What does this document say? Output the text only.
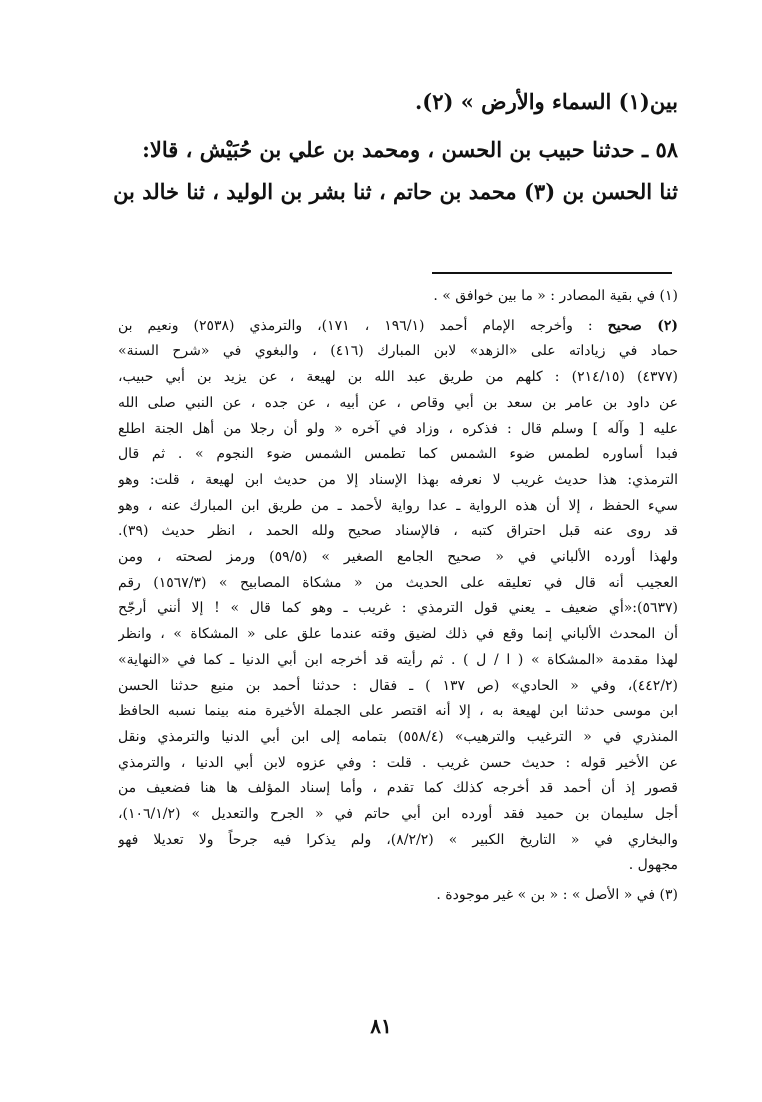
بين(١) السماء والأرض » (٢).
٥٨ ـ حدثنا حبيب بن الحسن ، ومحمد بن علي بن حُبَيْش ، قالا:
ثنا الحسن بن (٣) محمد بن حاتم ، ثنا بشر بن الوليد ، ثنا خالد بن
(١) في بقية المصادر : « ما بين خوافق » .
(٢) صحيح : وأخرجه الإمام أحمد (١٩٦/١ ، ١٧١)، والترمذي (٢٥٣٨) ونعيم بن
حماد في زياداته على «الزهد» لابن المبارك (٤١٦) ، والبغوي في «شرح السنة»
(٤٣٧٧) (٢١٤/١٥) : كلهم من طريق عبد الله بن لهيعة ، عن يزيد بن أبي حبيب،
عن داود بن عامر بن سعد بن أبي وقاص ، عن أبيه ، عن جده ، عن النبي صلى الله
عليه [ وآله ] وسلم قال : فذكره ، وزاد في آخره « ولو أن رجلا من أهل الجنة اطلع
فبدا أساوره لطمس ضوء الشمس كما تطمس الشمس ضوء النجوم » . ثم قال
الترمذي: هذا حديث غريب لا نعرفه بهذا الإسناد إلا من حديث ابن لهيعة ، قلت: وهو
سيء الحفظ ، إلا أن هذه الرواية ـ عدا رواية لأحمد ـ من طريق ابن المبارك عنه ، وهو
قد روى عنه قبل احتراق كتبه ، فالإسناد صحيح ولله الحمد ، انظر حديث (٣٩).
ولهذا أورده الألباني في « صحيح الجامع الصغير » (٥٩/٥) ورمز لصحته ، ومن
العجيب أنه قال في تعليقه على الحديث من « مشكاة المصابيح » (١٥٦٧/٣) رقم
(٥٦٣٧):«أي ضعيف ـ يعني قول الترمذي : غريب ـ وهو كما قال » ! إلا أنني أرجّح
أن المحدث الألباني إنما وقع في ذلك لضيق وقته عندما علق على « المشكاة » ، وانظر
لهذا مقدمة «المشكاة » ( ا / ل ) . ثم رأيته قد أخرجه ابن أبي الدنيا ـ كما في «النهاية»
(٤٤٢/٢)، وفي « الحادي» (ص ١٣٧ ) ـ فقال : حدثنا أحمد بن منيع حدثنا الحسن
ابن موسى حدثنا ابن لهيعة به ، إلا أنه اقتصر على الجملة الأخيرة منه بينما نسبه الحافظ
المنذري في « الترغيب والترهيب» (٥٥٨/٤) بتمامه إلى ابن أبي الدنيا والترمذي ونقل
عن الأخير قوله : حديث حسن غريب . قلت : وفي عزوه لابن أبي الدنيا ، والترمذي
قصور إذ أن أحمد قد أخرجه كذلك كما تقدم ، وأما إسناد المؤلف ها هنا فضعيف من
أجل سليمان بن حميد فقد أورده ابن أبي حاتم في « الجرح والتعديل » (١٠٦/١/٢)،
والبخاري في « التاريخ الكبير » (٨/٢/٢)، ولم يذكرا فيه جرحاً ولا تعديلا فهو
مجهول .
(٣) في « الأصل » : « بن » غير موجودة .
٨١
